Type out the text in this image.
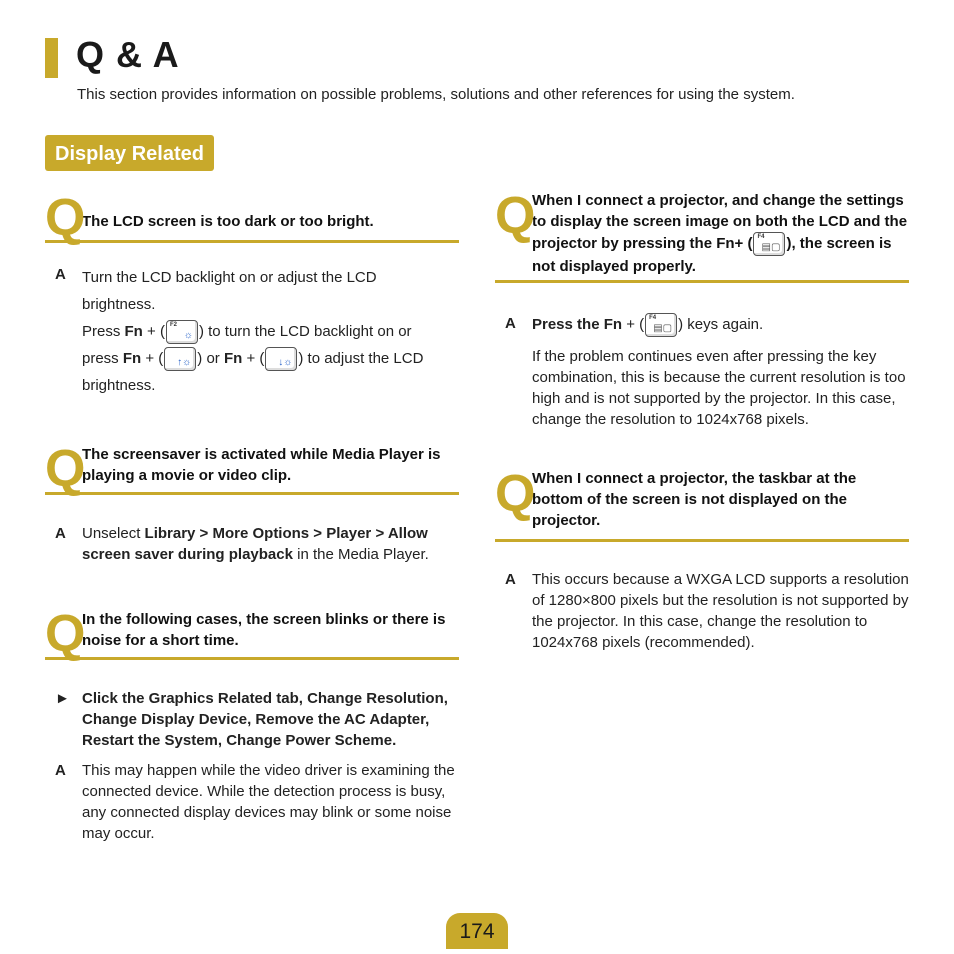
Q & A
This section provides information on possible problems, solutions and other references for using the system.
Display Related
Q
The LCD screen is too dark or too bright.
A Turn the LCD backlight on or adjust the LCD brightness.
Press Fn + ( F2
☼ ) to turn the LCD backlight on or
press Fn + ( ↑☼ ) or Fn + ( ↓☼ ) to adjust the LCD
brightness.
Q
The screensaver is activated while Media Player is playing a movie or video clip.
A Unselect Library > More Options > Player > Allow screen saver during playback in the Media Player.
Q
In the following cases, the screen blinks or there is noise for a short time.
► Click the Graphics Related tab, Change Resolution, Change Display Device, Remove the AC Adapter, Restart the System, Change Power Scheme.
A This may happen while the video driver is examining the connected device. While the detection process is busy, any connected display devices may blink or some noise may occur.
Q
When I connect a projector, and change the settings to display the screen image on both the LCD and the projector by pressing the Fn+ ( F4
▤▢ ), the screen is not displayed properly.
A Press the Fn + ( F4
▤▢ ) keys again.
If the problem continues even after pressing the key combination, this is because the current resolution is too high and is not supported by the projector. In this case, change the resolution to 1024x768 pixels.
Q
When I connect a projector, the taskbar at the bottom of the screen is not displayed on the projector.
A This occurs because a WXGA LCD supports a resolution of 1280×800 pixels but the resolution is not supported by the projector. In this case, change the resolution to 1024x768 pixels (recommended).
174
